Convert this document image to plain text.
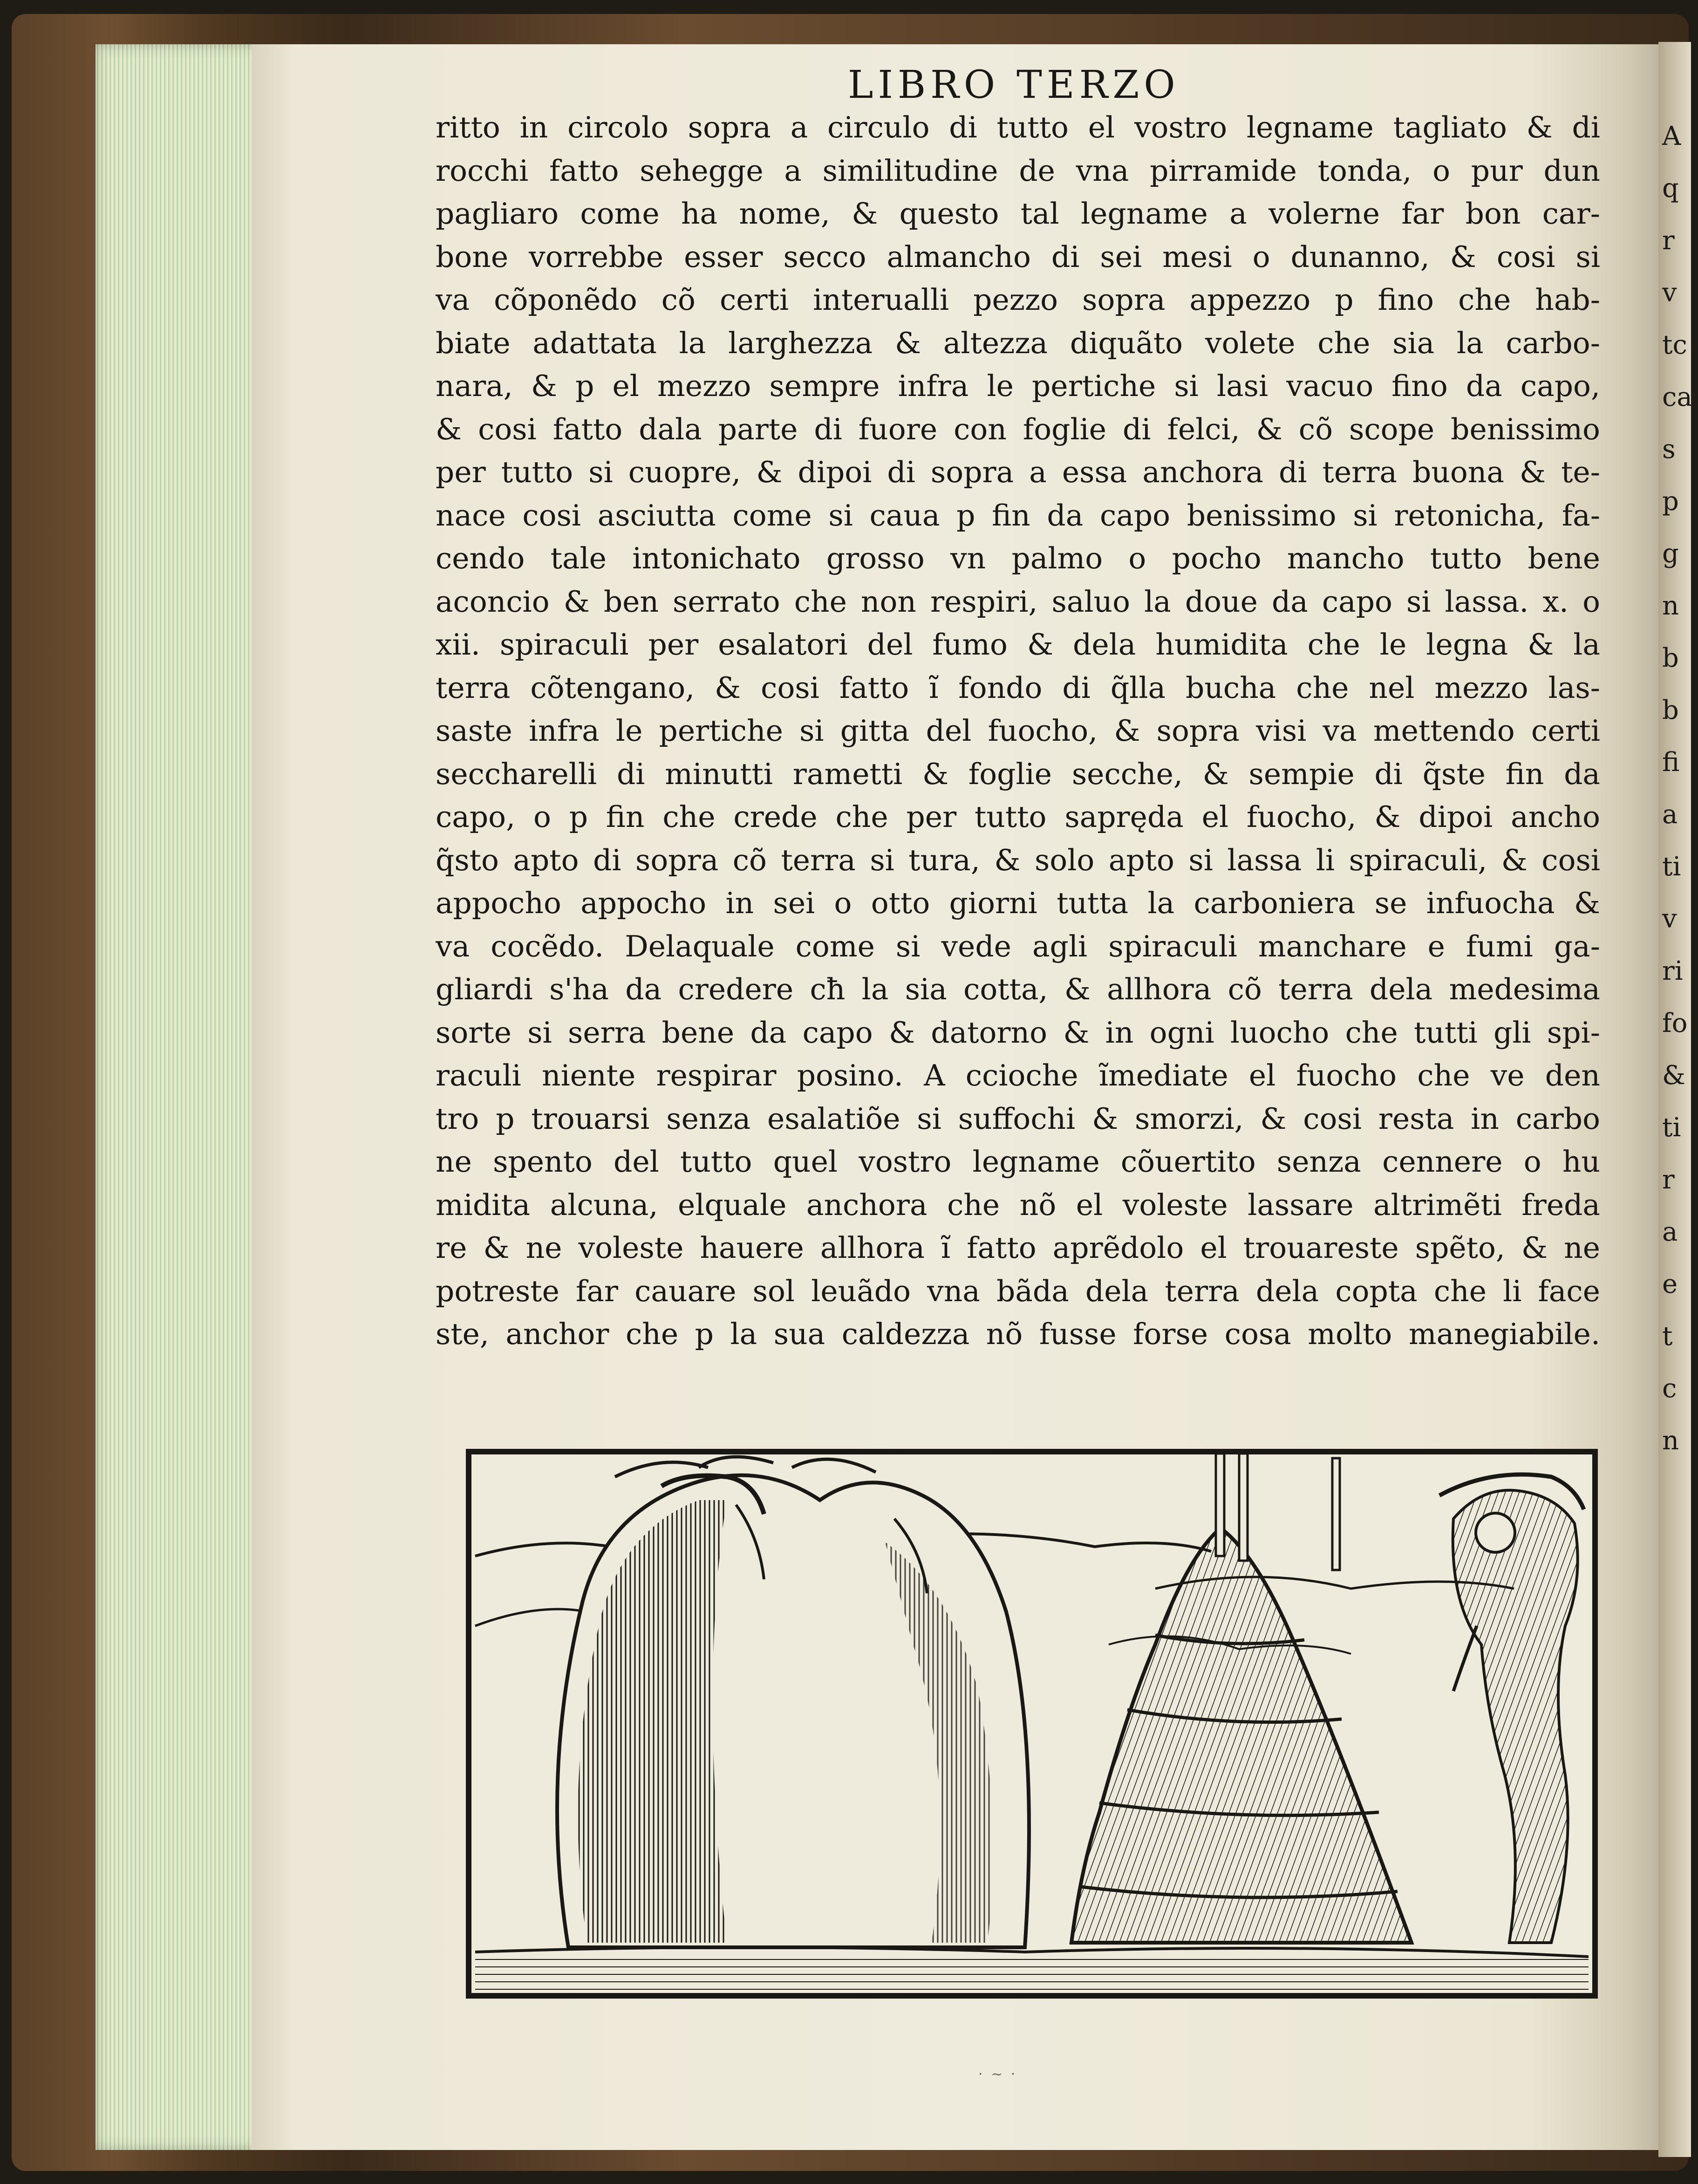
A
q
r
v
tc
ca
s
p
g
n
b
b
fi
a
ti
v
ri
fo
&
ti
r
a
e
t
c
n
LIBRO TERZO
ritto in circolo sopra a circulo di tutto el vostro legname tagliato & di
rocchi fatto sehegge a similitudine de vna pirramide tonda, o pur dun
pagliaro come ha nome, & questo tal legname a volerne far bon car-
bone vorrebbe esser secco almancho di sei mesi o dunanno, & cosi si
va cõponẽdo cõ certi interualli pezzo sopra appezzo p fino che hab-
biate adattata la larghezza & altezza diquãto volete che sia la carbo-
nara, & p el mezzo sempre infra le pertiche si lasi vacuo fino da capo,
& cosi fatto dala parte di fuore con foglie di felci, & cõ scope benissimo
per tutto si cuopre, & dipoi di sopra a essa anchora di terra buona & te-
nace cosi asciutta come si caua p fin da capo benissimo si retonicha, fa-
cendo tale intonichato grosso vn palmo o pocho mancho tutto bene
aconcio & ben serrato che non respiri, saluo la doue da capo si lassa. x. o
xii. spiraculi per esalatori del fumo & dela humidita che le legna & la
terra cõtengano, & cosi fatto ĩ fondo di q̃lla bucha che nel mezzo las-
saste infra le pertiche si gitta del fuocho, & sopra visi va mettendo certi
seccharelli di minutti rametti & foglie secche, & sempie di q̃ste fin da
capo, o p fin che crede che per tutto sapręda el fuocho, & dipoi ancho
q̃sto apto di sopra cõ terra si tura, & solo apto si lassa li spiraculi, & cosi
appocho appocho in sei o otto giorni tutta la carboniera se infuocha &
va cocẽdo. Delaquale come si vede agli spiraculi manchare e fumi ga-
gliardi s'ha da credere cħ la sia cotta, & allhora cõ terra dela medesima
sorte si serra bene da capo & datorno & in ogni luocho che tutti gli spi-
raculi niente respirar posino. A ccioche ĩmediate el fuocho che ve den
tro p trouarsi senza esalatiõe si suffochi & smorzi, & cosi resta in carbo
ne spento del tutto quel vostro legname cõuertito senza cennere o hu
midita alcuna, elquale anchora che nõ el voleste lassare altrimẽti freda
re & ne voleste hauere allhora ĩ fatto aprẽdolo el trouareste spẽto, & ne
potreste far cauare sol leuãdo vna bãda dela terra dela copta che li face
ste, anchor che p la sua caldezza nõ fusse forse cosa molto manegiabile.
· ~ ·
